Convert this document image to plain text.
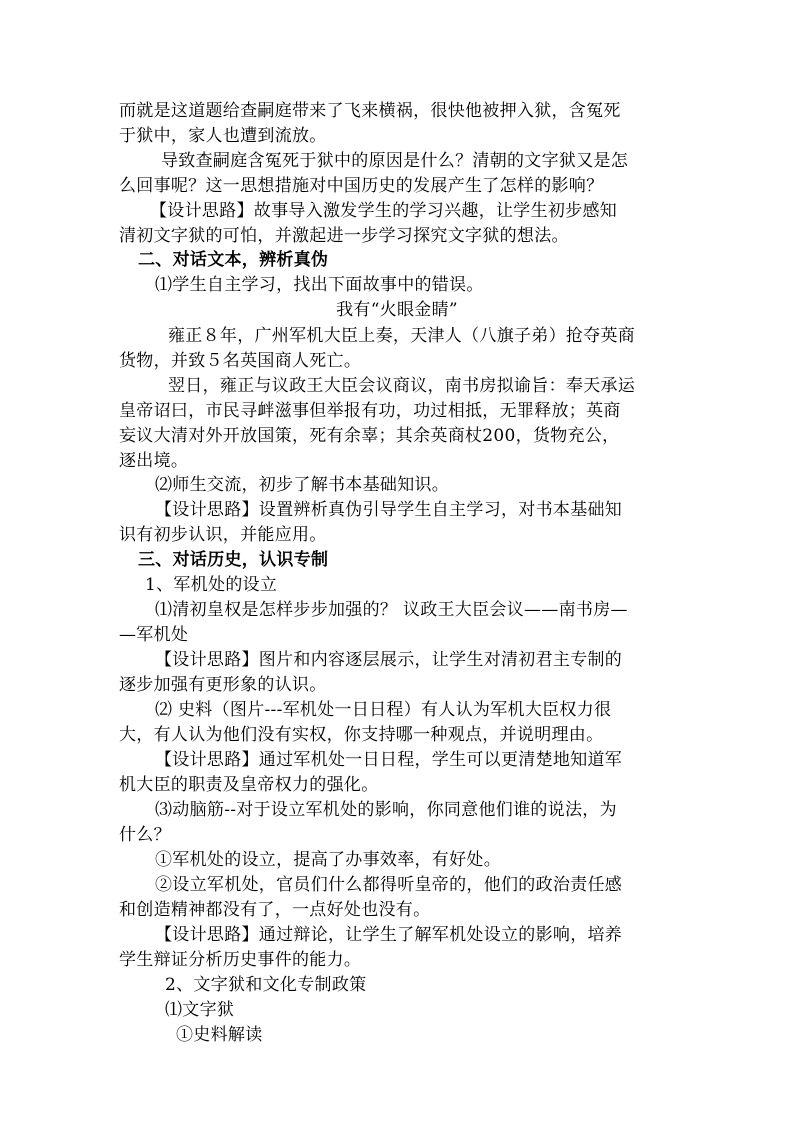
而就是这道题给查嗣庭带来了飞来横祸，很快他被押入狱，含冤死
于狱中，家人也遭到流放。
导致查嗣庭含冤死于狱中的原因是什么？清朝的文字狱又是怎
么回事呢？这一思想措施对中国历史的发展产生了怎样的影响？
【设计思路】故事导入激发学生的学习兴趣，让学生初步感知
清初文字狱的可怕，并激起进一步学习探究文字狱的想法。
二、对话文本，辨析真伪
⑴学生自主学习，找出下面故事中的错误。
我有“火眼金睛”
雍正８年，广州军机大臣上奏，天津人（八旗子弟）抢夺英商
货物，并致５名英国商人死亡。
翌日，雍正与议政王大臣会议商议，南书房拟谕旨：奉天承运
皇帝诏曰，市民寻衅滋事但举报有功，功过相抵，无罪释放；英商
妄议大清对外开放国策，死有余辜；其余英商杖200，货物充公，
逐出境。
⑵师生交流，初步了解书本基础知识。
【设计思路】设置辨析真伪引导学生自主学习，对书本基础知
识有初步认识，并能应用。
三、对话历史，认识专制
1、军机处的设立
⑴清初皇权是怎样步步加强的？ 议政王大臣会议——南书房—
—军机处
【设计思路】图片和内容逐层展示，让学生对清初君主专制的
逐步加强有更形象的认识。
⑵ 史料（图片---军机处一日日程）有人认为军机大臣权力很
大，有人认为他们没有实权，你支持哪一种观点，并说明理由。
【设计思路】通过军机处一日日程，学生可以更清楚地知道军
机大臣的职责及皇帝权力的强化。
⑶动脑筋--对于设立军机处的影响，你同意他们谁的说法，为
什么？
①军机处的设立，提高了办事效率，有好处。
②设立军机处，官员们什么都得听皇帝的，他们的政治责任感
和创造精神都没有了，一点好处也没有。
【设计思路】通过辩论，让学生了解军机处设立的影响，培养
学生辩证分析历史事件的能力。
2、文字狱和文化专制政策
⑴文字狱
①史料解读
